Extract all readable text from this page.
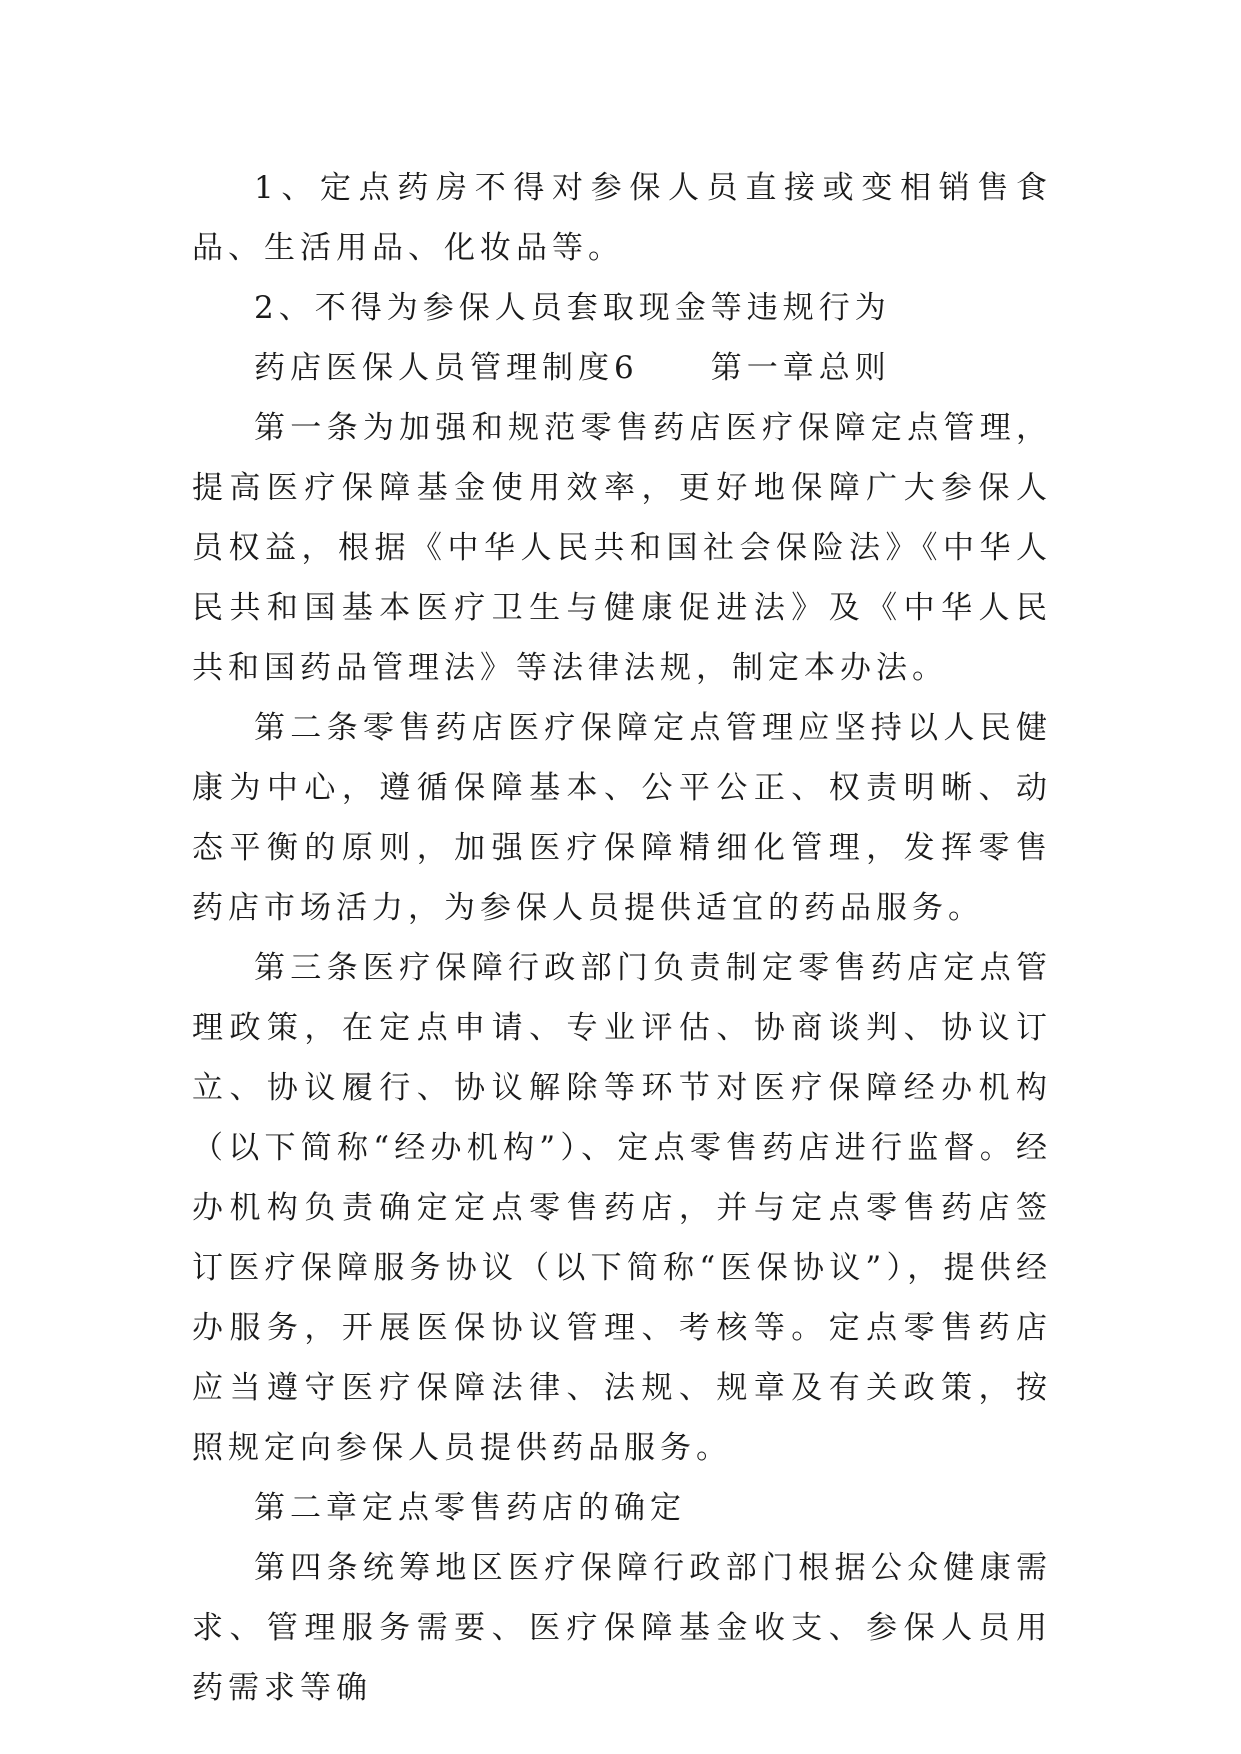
1、定点药房不得对参保人员直接或变相销售食品、生活用品、化妆品等。

2、不得为参保人员套取现金等违规行为

药店医保人员管理制度6　　第一章总则

第一条为加强和规范零售药店医疗保障定点管理，提高医疗保障基金使用效率，更好地保障广大参保人员权益，根据《中华人民共和国社会保险法》《中华人民共和国基本医疗卫生与健康促进法》及《中华人民共和国药品管理法》等法律法规，制定本办法。

第二条零售药店医疗保障定点管理应坚持以人民健康为中心，遵循保障基本、公平公正、权责明晰、动态平衡的原则，加强医疗保障精细化管理，发挥零售药店市场活力，为参保人员提供适宜的药品服务。

第三条医疗保障行政部门负责制定零售药店定点管理政策，在定点申请、专业评估、协商谈判、协议订立、协议履行、协议解除等环节对医疗保障经办机构（以下简称“经办机构”）、定点零售药店进行监督。经办机构负责确定定点零售药店，并与定点零售药店签订医疗保障服务协议（以下简称“医保协议”），提供经办服务，开展医保协议管理、考核等。定点零售药店应当遵守医疗保障法律、法规、规章及有关政策，按照规定向参保人员提供药品服务。

第二章定点零售药店的确定

第四条统筹地区医疗保障行政部门根据公众健康需求、管理服务需要、医疗保障基金收支、参保人员用药需求等确
